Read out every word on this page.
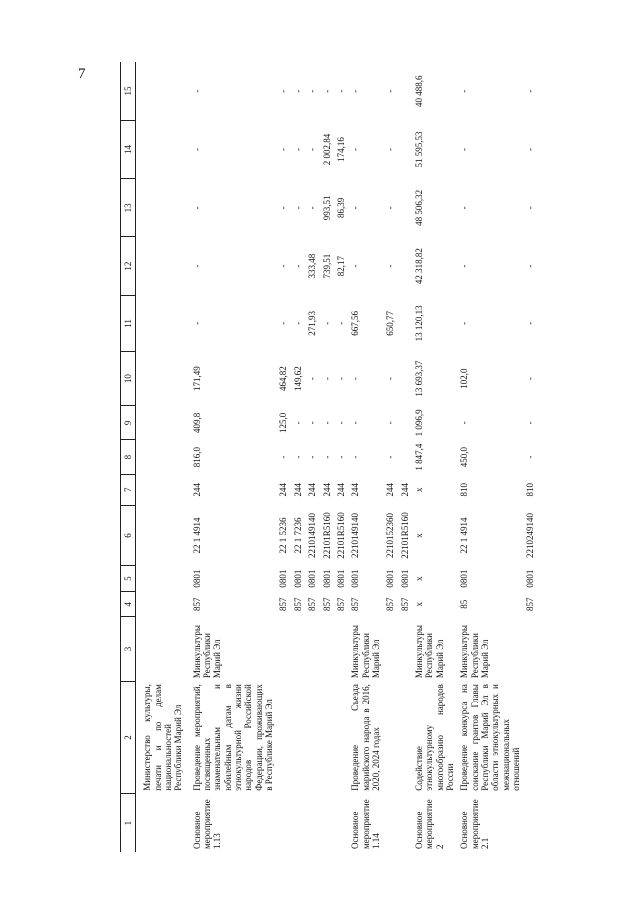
7
1	2	3	4	5	6	7	8	9	10	11	12	13	14	15
	Министерство культуры, печати и по делам национальностей Республики Марий Эл													
Основное мероприятие 1.13	Проведение мероприятий, посвященных знаменательным и юбилейным датам в этнокультурной жизни народов Российской Федерации, проживающих в Республике Марий Эл	Минкультуры Республики Марий Эл	857	0801	22 1 4914	244	816,0	409,8	171,49	-	-	-	-	-
			857	0801	22 1 5236	244	-	125,0	464,82	-	-	-	-	-
			857	0801	22 1 7236	244	-	-	149,62	-	-	-	-	-
			857	0801	2210149140	244	-	-	-	271,93	333,48	-	-	-
			857	0801	22101R5160	244	-	-	-	-	739,51	993,51	2 002,84	-
			857	0801	22101R5160	244	-	-	-	-	82,17	86,39	174,16	-
Основное мероприятие 1.14	Проведение Съезда марийского народа в 2016, 2020, 2024 годах	Минкультуры Республики Марий Эл	857	0801	2210149140	244	-	-	-	667,56	-	-	-	-
			857	0801	2210152360	244	-	-	-	650,77	-	-	-	-
			857	0801	22101R5160	244								
Основное мероприятие 2	Содействие этнокультурному многообразию народов России	Минкультуры Республики Марий Эл	x	x	x	x	1 847,4	1 096,9	13 693,37	13 120,13	42 318,82	48 506,32	51 595,53	40 488,6
Основное мероприятие 2.1	Проведение конкурса на соискание грантов Главы Республики Марий Эл в области этнокультурных и межнациональных отношений	Минкультуры Республики Марий Эл	85	0801	22 1 4914	810	450,0	-	102,0	-	-	-	-	-
			857	0801	2210249140	810	-	-	-	-	-	-	-	-
